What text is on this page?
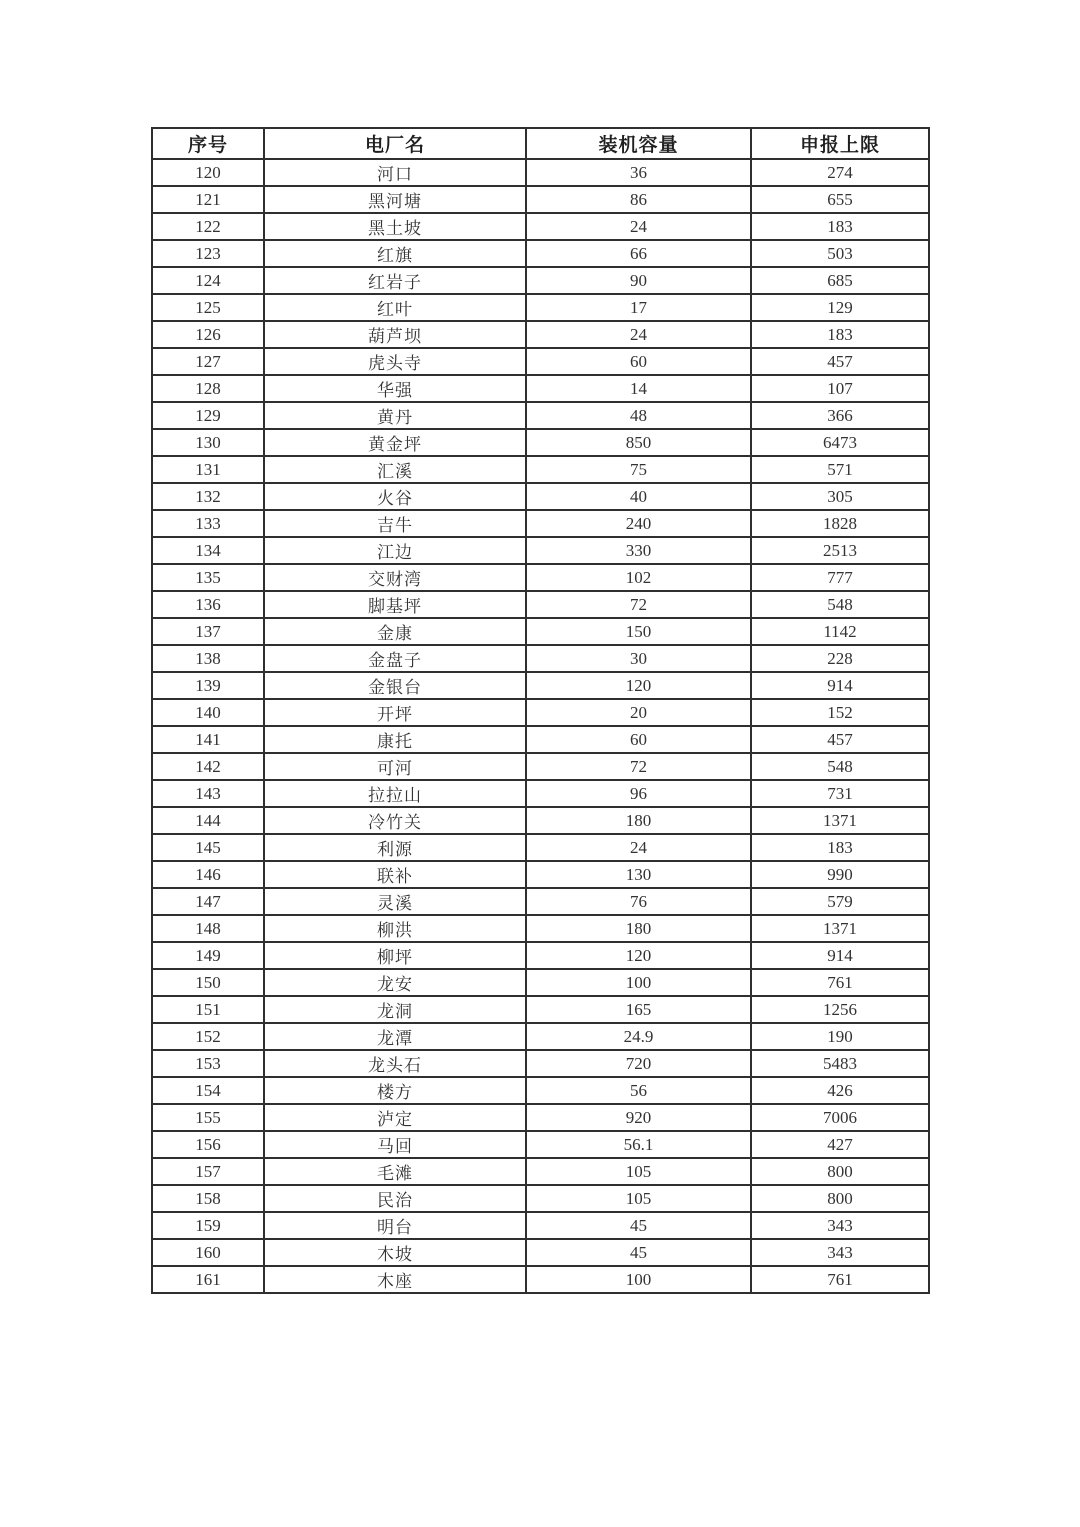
序号	电厂名	装机容量	申报上限
120	河口	36	274
121	黑河塘	86	655
122	黑土坡	24	183
123	红旗	66	503
124	红岩子	90	685
125	红叶	17	129
126	葫芦坝	24	183
127	虎头寺	60	457
128	华强	14	107
129	黄丹	48	366
130	黄金坪	850	6473
131	汇溪	75	571
132	火谷	40	305
133	吉牛	240	1828
134	江边	330	2513
135	交财湾	102	777
136	脚基坪	72	548
137	金康	150	1142
138	金盘子	30	228
139	金银台	120	914
140	开坪	20	152
141	康托	60	457
142	可河	72	548
143	拉拉山	96	731
144	冷竹关	180	1371
145	利源	24	183
146	联补	130	990
147	灵溪	76	579
148	柳洪	180	1371
149	柳坪	120	914
150	龙安	100	761
151	龙洞	165	1256
152	龙潭	24.9	190
153	龙头石	720	5483
154	楼方	56	426
155	泸定	920	7006
156	马回	56.1	427
157	毛滩	105	800
158	民治	105	800
159	明台	45	343
160	木坡	45	343
161	木座	100	761
